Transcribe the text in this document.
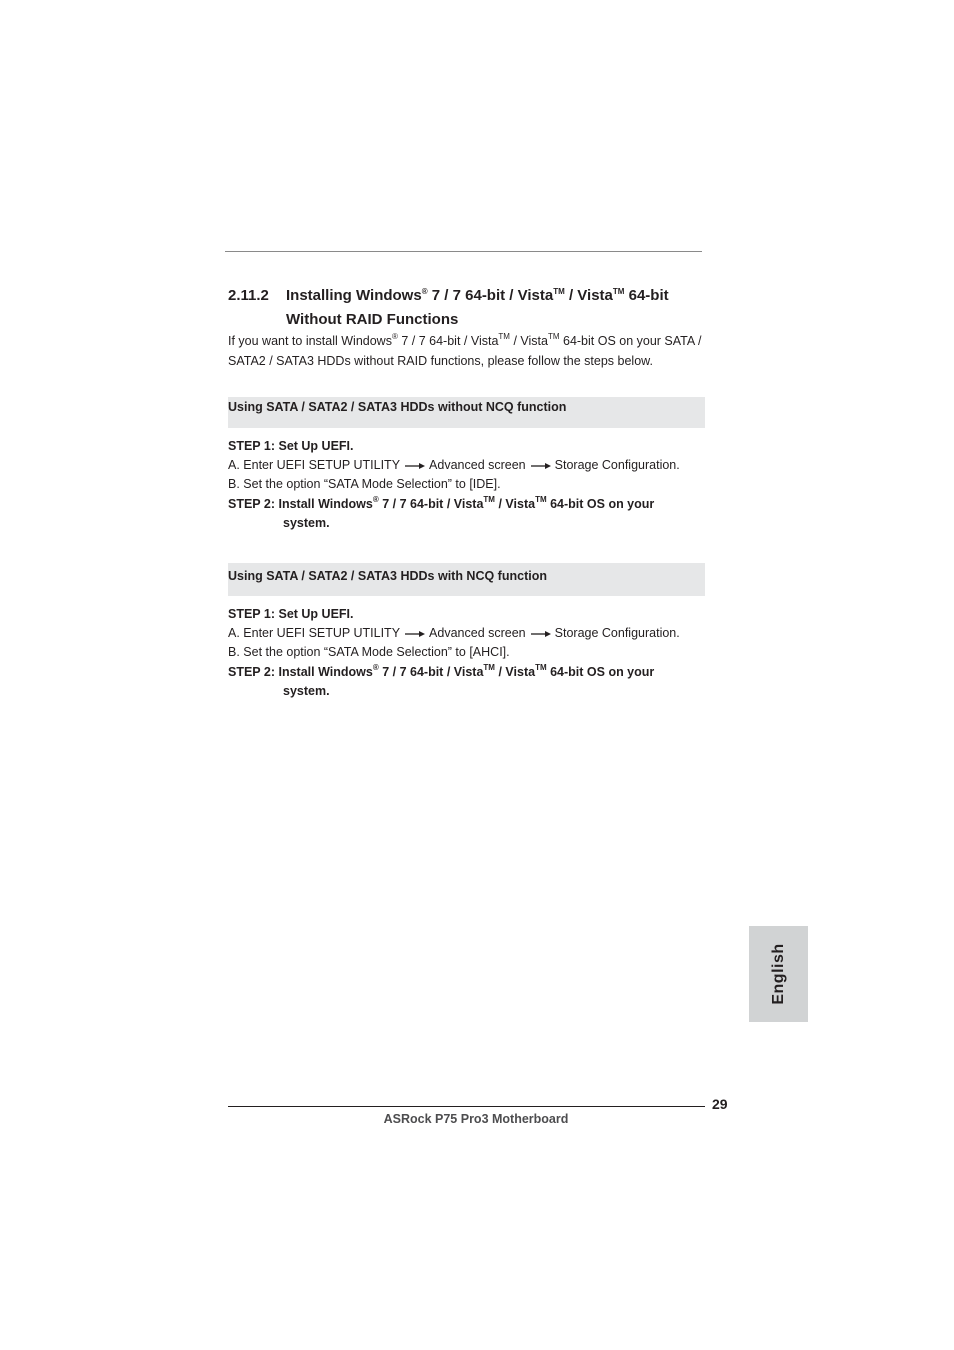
2.11.2 Installing Windows® 7 / 7 64-bit / Vista™ / Vista™ 64-bit
Without RAID Functions
If you want to install Windows® 7 / 7 64-bit / Vista™ / Vista™ 64-bit OS on your SATA / SATA2 / SATA3 HDDs without RAID functions, please follow the steps below.
Using SATA / SATA2 / SATA3 HDDs without NCQ function
STEP 1: Set Up UEFI.
A. Enter UEFI SETUP UTILITY Advanced screen Storage Configuration.
B. Set the option “SATA Mode Selection” to [IDE].
STEP 2: Install Windows® 7 / 7 64-bit / Vista™ / Vista™ 64-bit OS on your
system.
Using SATA / SATA2 / SATA3 HDDs with NCQ function
STEP 1: Set Up UEFI.
A. Enter UEFI SETUP UTILITY Advanced screen Storage Configuration.
B. Set the option “SATA Mode Selection” to [AHCI].
STEP 2: Install Windows® 7 / 7 64-bit / Vista™ / Vista™ 64-bit OS on your
system.
English
29
ASRock P75 Pro3 Motherboard
